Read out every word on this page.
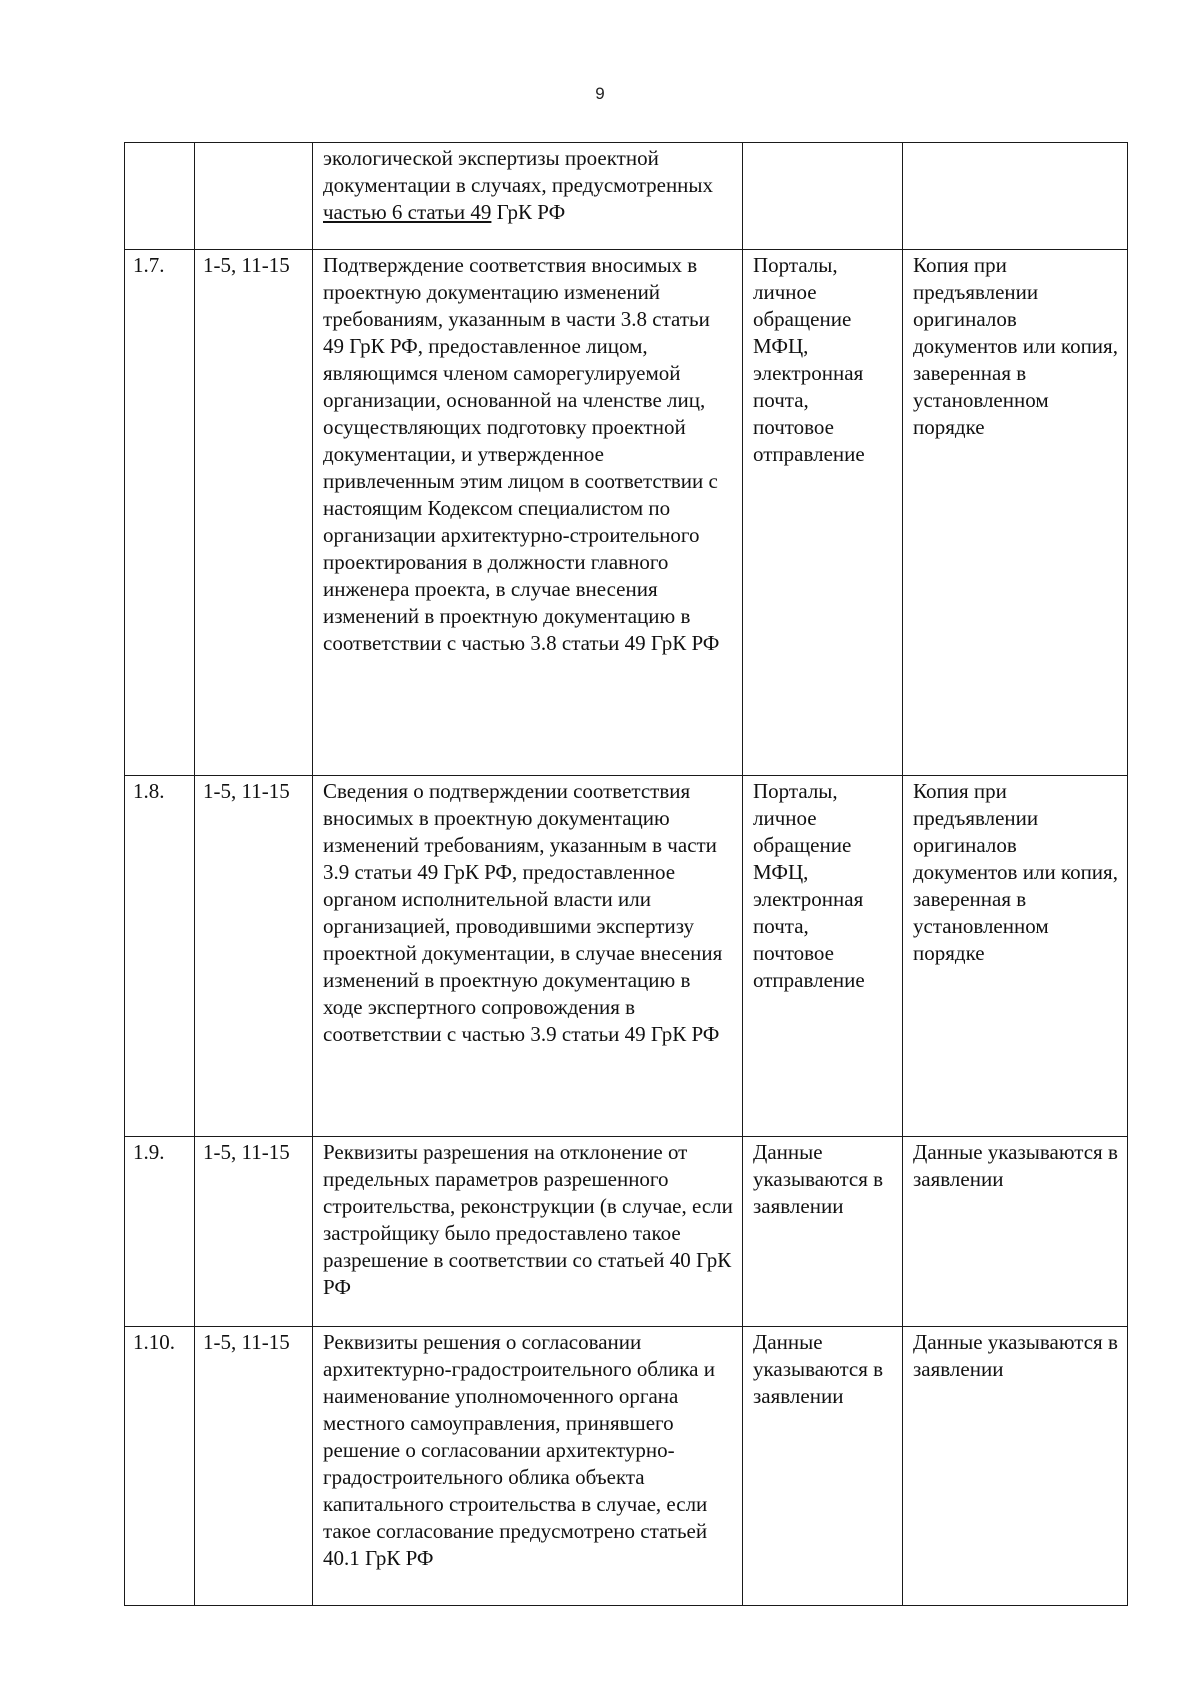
9
		экологической экспертизы проектной документации в случаях, предусмотренных частью 6 статьи 49 ГрК РФ		
1.7.	1-5, 11-15	Подтверждение соответствия вносимых в проектную документацию изменений требованиям, указанным в части 3.8 статьи 49 ГрК РФ, предоставленное лицом, являющимся членом саморегулируемой организации, основанной на членстве лиц, осуществляющих подготовку проектной документации, и утвержденное привлеченным этим лицом в соответствии с настоящим Кодексом специалистом по организации архитектурно-строительного проектирования в должности главного инженера проекта, в случае внесения изменений в проектную документацию в соответствии с частью 3.8 статьи 49 ГрК РФ	Порталы, личное обращение МФЦ, электронная почта, почтовое отправление	Копия при предъявлении оригиналов документов или копия, заверенная в установленном порядке
1.8.	1-5, 11-15	Сведения о подтверждении соответствия вносимых в проектную документацию изменений требованиям, указанным в части 3.9 статьи 49 ГрК РФ, предоставленное органом исполнительной власти или организацией, проводившими экспертизу проектной документации, в случае внесения изменений в проектную документацию в ходе экспертного сопровождения в соответствии с частью 3.9 статьи 49 ГрК РФ	Порталы, личное обращение МФЦ, электронная почта, почтовое отправление	Копия при предъявлении оригиналов документов или копия, заверенная в установленном порядке
1.9.	1-5, 11-15	Реквизиты разрешения на отклонение от предельных параметров разрешенного строительства, реконструкции (в случае, если застройщику было предоставлено такое разрешение в соответствии со статьей 40 ГрК РФ	Данные указываются в заявлении	Данные указываются в заявлении
1.10.	1-5, 11-15	Реквизиты решения о согласовании архитектурно-градостроительного облика и наименование уполномоченного органа местного самоуправления, принявшего решение о согласовании архитектурно-градостроительного облика объекта капитального строительства в случае, если такое согласование предусмотрено статьей 40.1 ГрК РФ	Данные указываются в заявлении	Данные указываются в заявлении
